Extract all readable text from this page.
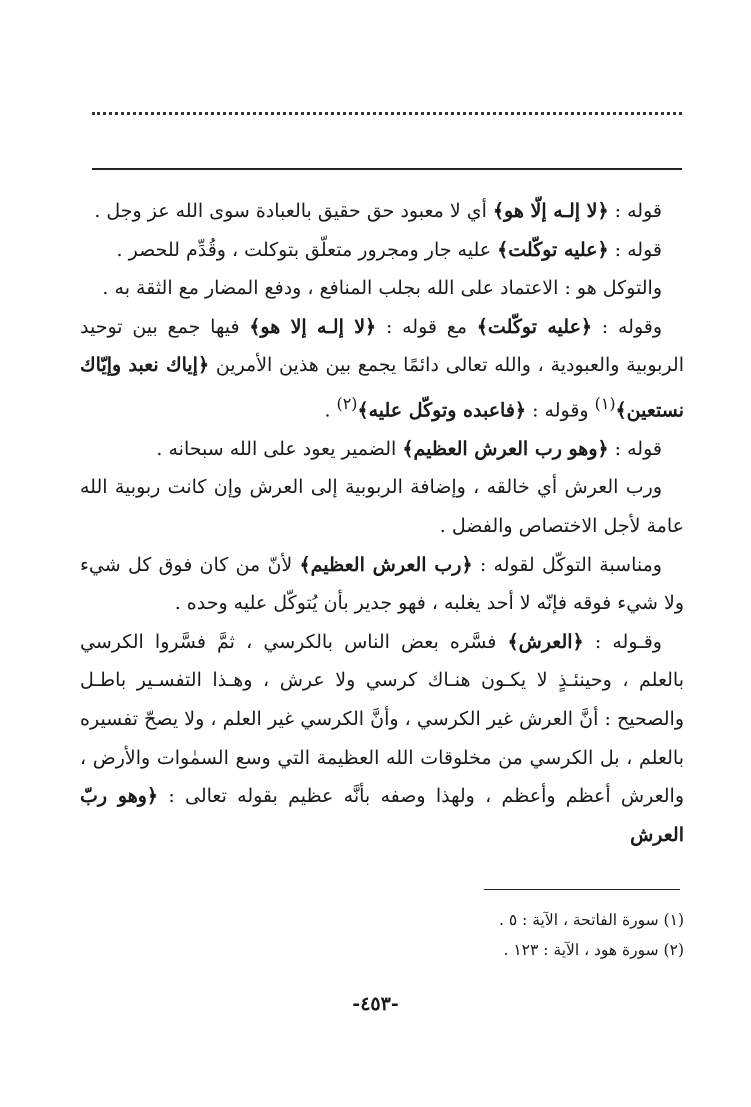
قوله : ﴿لا إلـه إلّا هو﴾ أي لا معبود حق حقيق بالعبادة سوى الله عز وجل .

قوله : ﴿عليه توكّلت﴾ عليه جار ومجرور متعلّق بتوكلت ، وقُدِّم للحصر .

والتوكل هو : الاعتماد على الله بجلب المنافع ، ودفع المضار مع الثقة به .

وقوله : ﴿عليه توكّلت﴾ مع قوله : ﴿لا إلـه إلا هو﴾ فيها جمع بين توحيد الربوبية والعبودية ، والله تعالى دائمًا يجمع بين هذين الأمرين ﴿إياك نعبد وإيّاك نستعين﴾$^{(١)}$ وقوله : ﴿فاعبده وتوكّل عليه﴾$^{(٢)}$ .

قوله : ﴿وهو رب العرش العظيم﴾ الضمير يعود على الله سبحانه .

ورب العرش أي خالقه ، وإضافة الربوبية إلى العرش وإن كانت ربوبية الله عامة لأجل الاختصاص والفضل .

ومناسبة التوكّل لقوله : ﴿رب العرش العظيم﴾ لأنّ من كان فوق كل شيء ولا شيء فوقه فإنّه لا أحد يغلبه ، فهو جدير بأن يُتوكّل عليه وحده .

وقـوله : ﴿العرش﴾ فسَّره بعض الناس بالكرسي ، ثمَّ فسَّروا الكرسي بالعلم ، وحينئـذٍ لا يكـون هنـاك كرسي ولا عرش ، وهـذا التفسـير باطـل والصحيح : أنَّ العرش غير الكرسي ، وأنَّ الكرسي غير العلم ، ولا يصحّ تفسيره بالعلم ، بل الكرسي من مخلوقات الله العظيمة التي وسع السمٰوات والأرض ، والعرش أعظم وأعظم ، ولهذا وصفه بأنَّه عظيم بقوله تعالى : ﴿وهو ربّ العرش

(١) سورة الفاتحة ، الآية : ٥ .

(٢) سورة هود ، الآية : ١٢٣ .

-٤٥٣-
